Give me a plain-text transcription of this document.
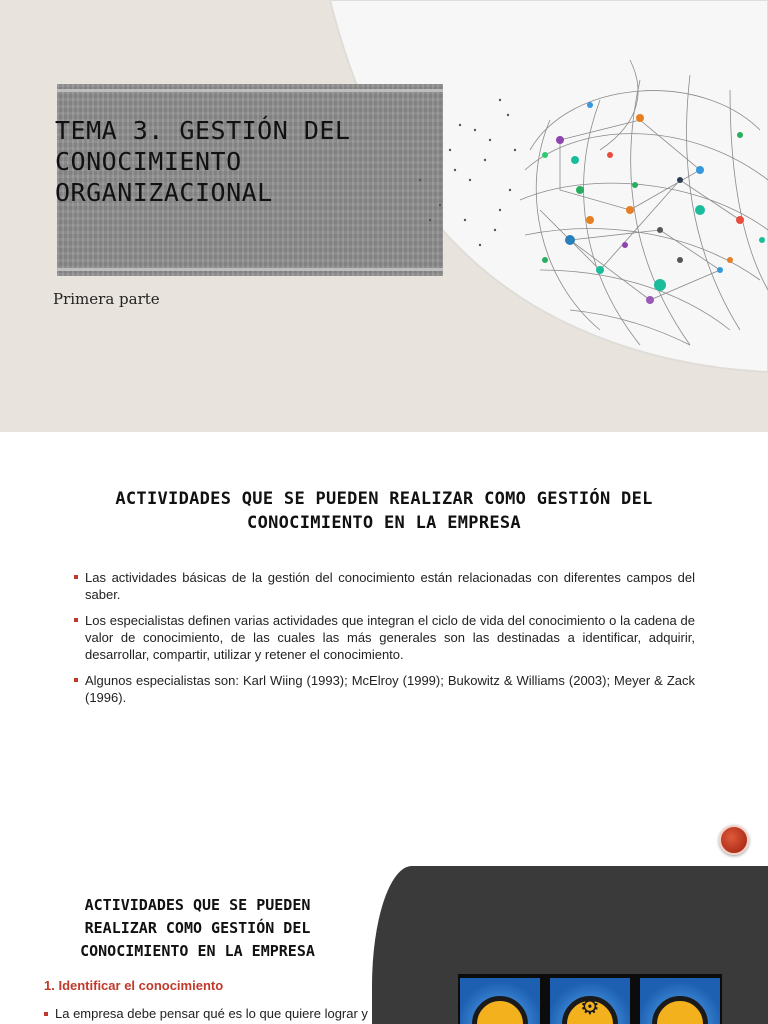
TEMA 3. GESTIÓN DEL CONOCIMIENTO ORGANIZACIONAL
Primera parte
ACTIVIDADES QUE SE PUEDEN REALIZAR COMO GESTIÓN DEL CONOCIMIENTO EN LA EMPRESA
Las actividades básicas de la gestión del conocimiento están relacionadas con diferentes campos del saber.
Los especialistas definen varias actividades que integran el ciclo de vida del conocimiento o la cadena de valor de conocimiento, de las cuales las más generales son las destinadas a identificar, adquirir, desarrollar, compartir, utilizar y retener el conocimiento.
Algunos especialistas son: Karl Wiing (1993); McElroy (1999); Bukowitz & Williams (2003); Meyer & Zack (1996).
ACTIVIDADES QUE SE PUEDEN REALIZAR COMO GESTIÓN DEL CONOCIMIENTO EN LA EMPRESA
1. Identificar el conocimiento
La empresa debe pensar qué es lo que quiere lograr y	⚙
